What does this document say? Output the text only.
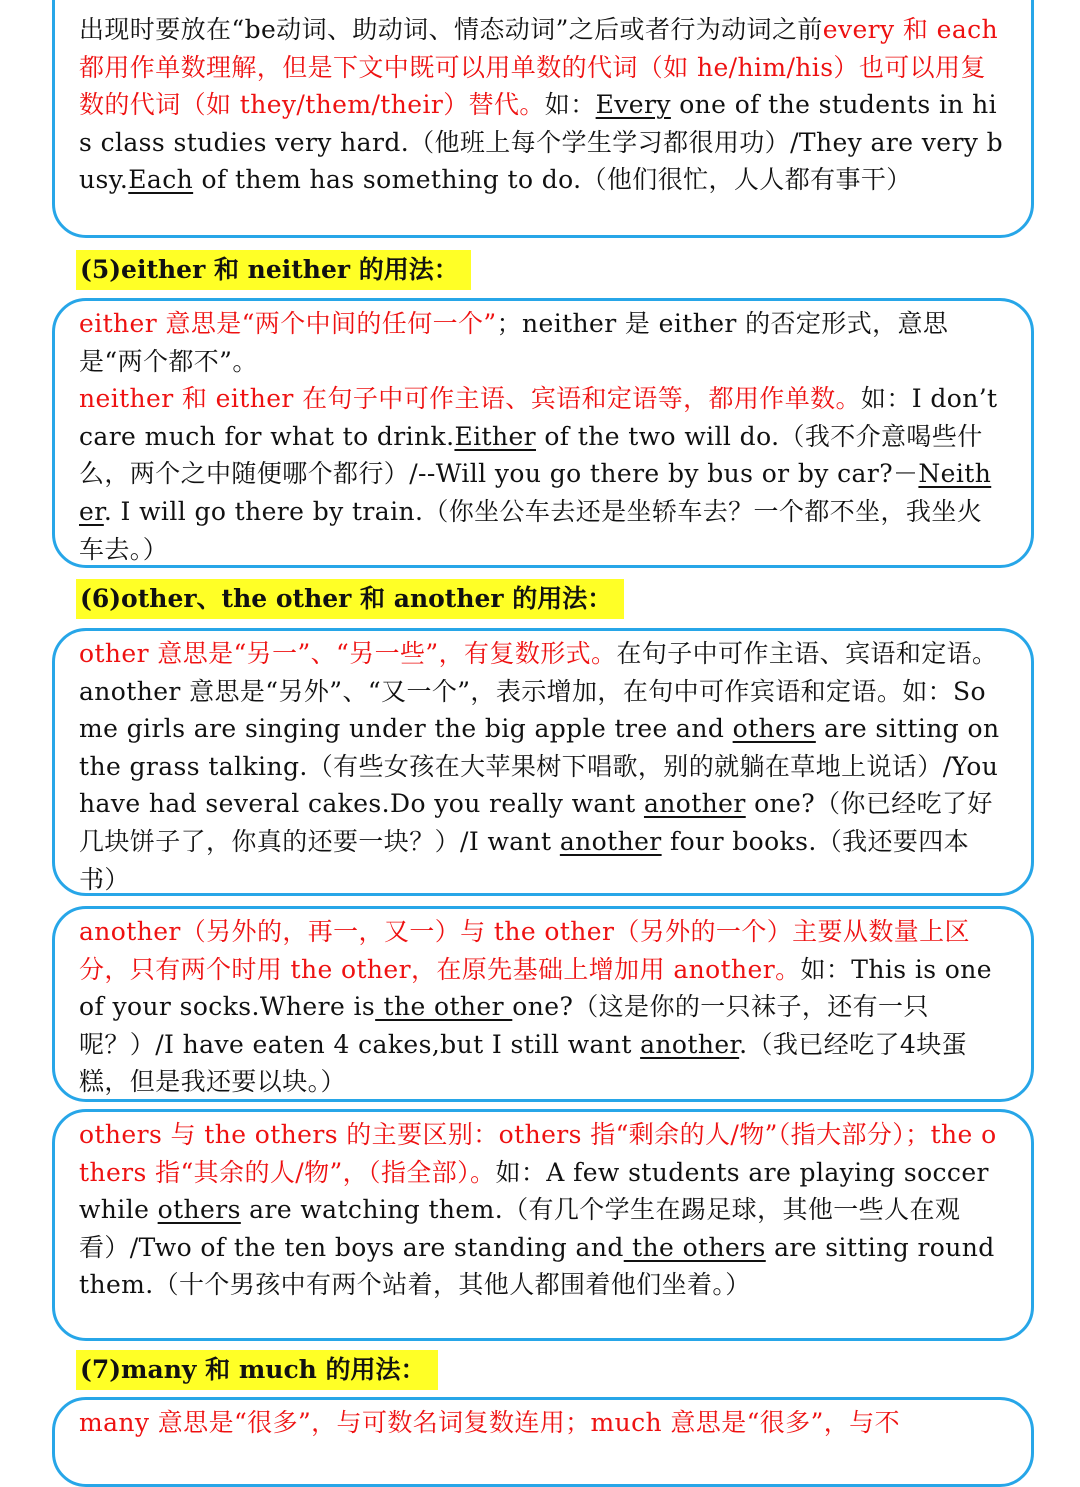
出现时要放在“be动词、助动词、情态动词”之后或者行为动词之前every 和 each 都用作单数理解，但是下文中既可以用单数的代词（如 he/him/his）也可以用复数的代词（如 they/them/their）替代。如：Every one of the students in his class studies very hard.（他班上每个学生学习都很用功）/They are very busy.Each of them has something to do.（他们很忙，人人都有事干）

(5)either 和 neither 的用法：

either 意思是“两个中间的任何一个”；neither 是 either 的否定形式，意思是“两个都不”。
neither 和 either 在句子中可作主语、宾语和定语等，都用作单数。如：I don’t care much for what to drink.Either of the two will do.（我不介意喝些什么，两个之中随便哪个都行）/--Will you go there by bus or by car?－Neither. I will go there by train.（你坐公车去还是坐轿车去？一个都不坐，我坐火车去。）

(6)other、the other 和 another 的用法：

other 意思是“另一”、“另一些”，有复数形式。在句子中可作主语、宾语和定语。another 意思是“另外”、“又一个”，表示增加，在句中可作宾语和定语。如：Some girls are singing under the big apple tree and others are sitting on the grass talking.（有些女孩在大苹果树下唱歌，别的就躺在草地上说话）/You have had several cakes.Do you really want another one?（你已经吃了好几块饼子了，你真的还要一块？）/I want another four books.（我还要四本书）

another（另外的，再一，又一）与 the other（另外的一个）主要从数量上区分，只有两个时用 the other，在原先基础上增加用 another。如：This is one of your socks.Where is the other one?（这是你的一只袜子，还有一只呢？）/I have eaten 4 cakes,but I still want another.（我已经吃了4块蛋糕，但是我还要以块。）

others 与 the others 的主要区别：others 指“剩余的人/物”（指大部分）；the others 指“其余的人/物”，（指全部）。如：A few students are playing soccer while others are watching them.（有几个学生在踢足球，其他一些人在观看）/Two of the ten boys are standing and the others are sitting round them.（十个男孩中有两个站着，其他人都围着他们坐着。）

(7)many 和 much 的用法：

many 意思是“很多”，与可数名词复数连用；much 意思是“很多”，与不
